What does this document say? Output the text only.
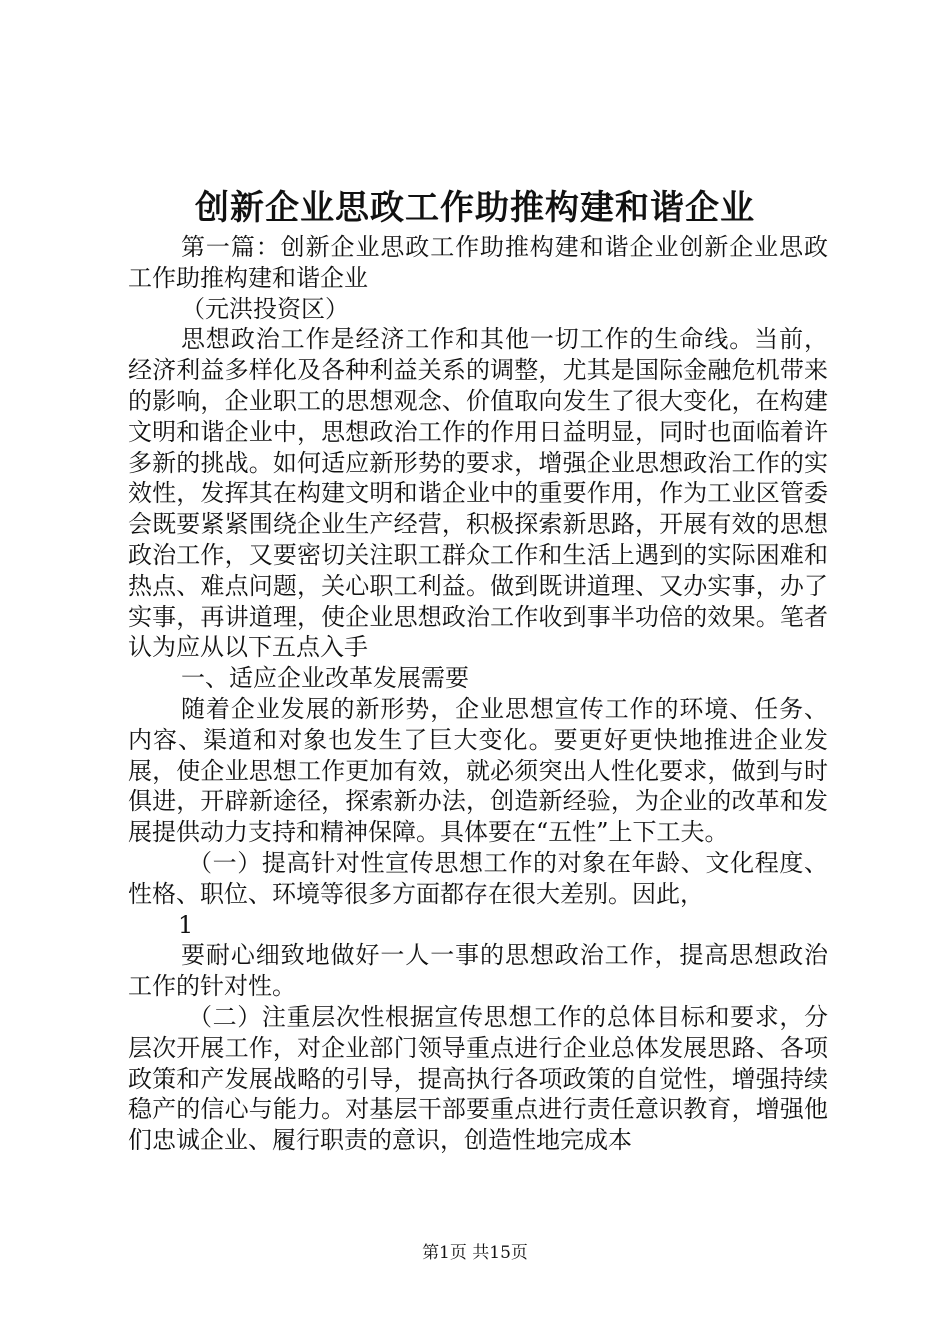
创新企业思政工作助推构建和谐企业

第一篇：创新企业思政工作助推构建和谐企业创新企业思政工作助推构建和谐企业

（元洪投资区）

思想政治工作是经济工作和其他一切工作的生命线。当前，经济利益多样化及各种利益关系的调整，尤其是国际金融危机带来的影响，企业职工的思想观念、价值取向发生了很大变化，在构建文明和谐企业中，思想政治工作的作用日益明显，同时也面临着许多新的挑战。如何适应新形势的要求，增强企业思想政治工作的实效性，发挥其在构建文明和谐企业中的重要作用，作为工业区管委会既要紧紧围绕企业生产经营，积极探索新思路，开展有效的思想政治工作，又要密切关注职工群众工作和生活上遇到的实际困难和热点、难点问题，关心职工利益。做到既讲道理、又办实事，办了实事，再讲道理，使企业思想政治工作收到事半功倍的效果。笔者认为应从以下五点入手

一、适应企业改革发展需要

随着企业发展的新形势，企业思想宣传工作的环境、任务、内容、渠道和对象也发生了巨大变化。要更好更快地推进企业发展，使企业思想工作更加有效，就必须突出人性化要求，做到与时俱进，开辟新途径，探索新办法，创造新经验，为企业的改革和发展提供动力支持和精神保障。具体要在“五性”上下工夫。

（一）提高针对性宣传思想工作的对象在年龄、文化程度、性格、职位、环境等很多方面都存在很大差别。因此，

1

要耐心细致地做好一人一事的思想政治工作，提高思想政治工作的针对性。

（二）注重层次性根据宣传思想工作的总体目标和要求，分层次开展工作，对企业部门领导重点进行企业总体发展思路、各项政策和产发展战略的引导，提高执行各项政策的自觉性，增强持续稳产的信心与能力。对基层干部要重点进行责任意识教育，增强他们忠诚企业、履行职责的意识，创造性地完成本

第1页 共15页
